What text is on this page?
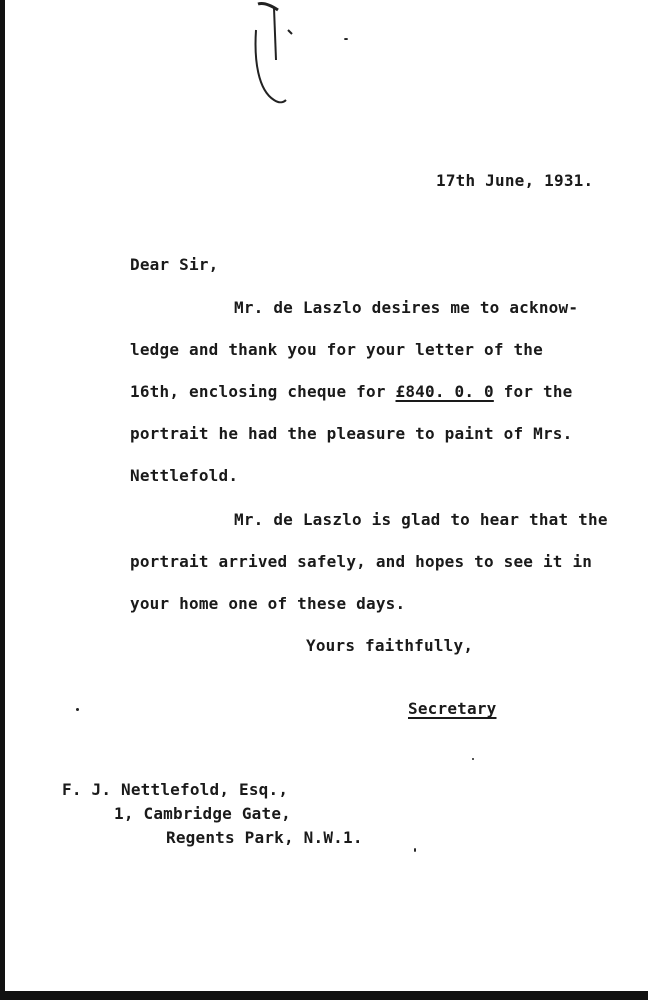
17th June, 1931.
Dear Sir,
Mr. de Laszlo desires me to acknow-
ledge and thank you for your letter of the
16th, enclosing cheque for £840. 0. 0 for the
portrait he had the pleasure to paint of Mrs.
Nettlefold.
Mr. de Laszlo is glad to hear that the
portrait arrived safely, and hopes to see it in
your home one of these days.
Yours faithfully,
Secretary
F. J. Nettlefold, Esq.,
1, Cambridge Gate,
Regents Park, N.W.1.
